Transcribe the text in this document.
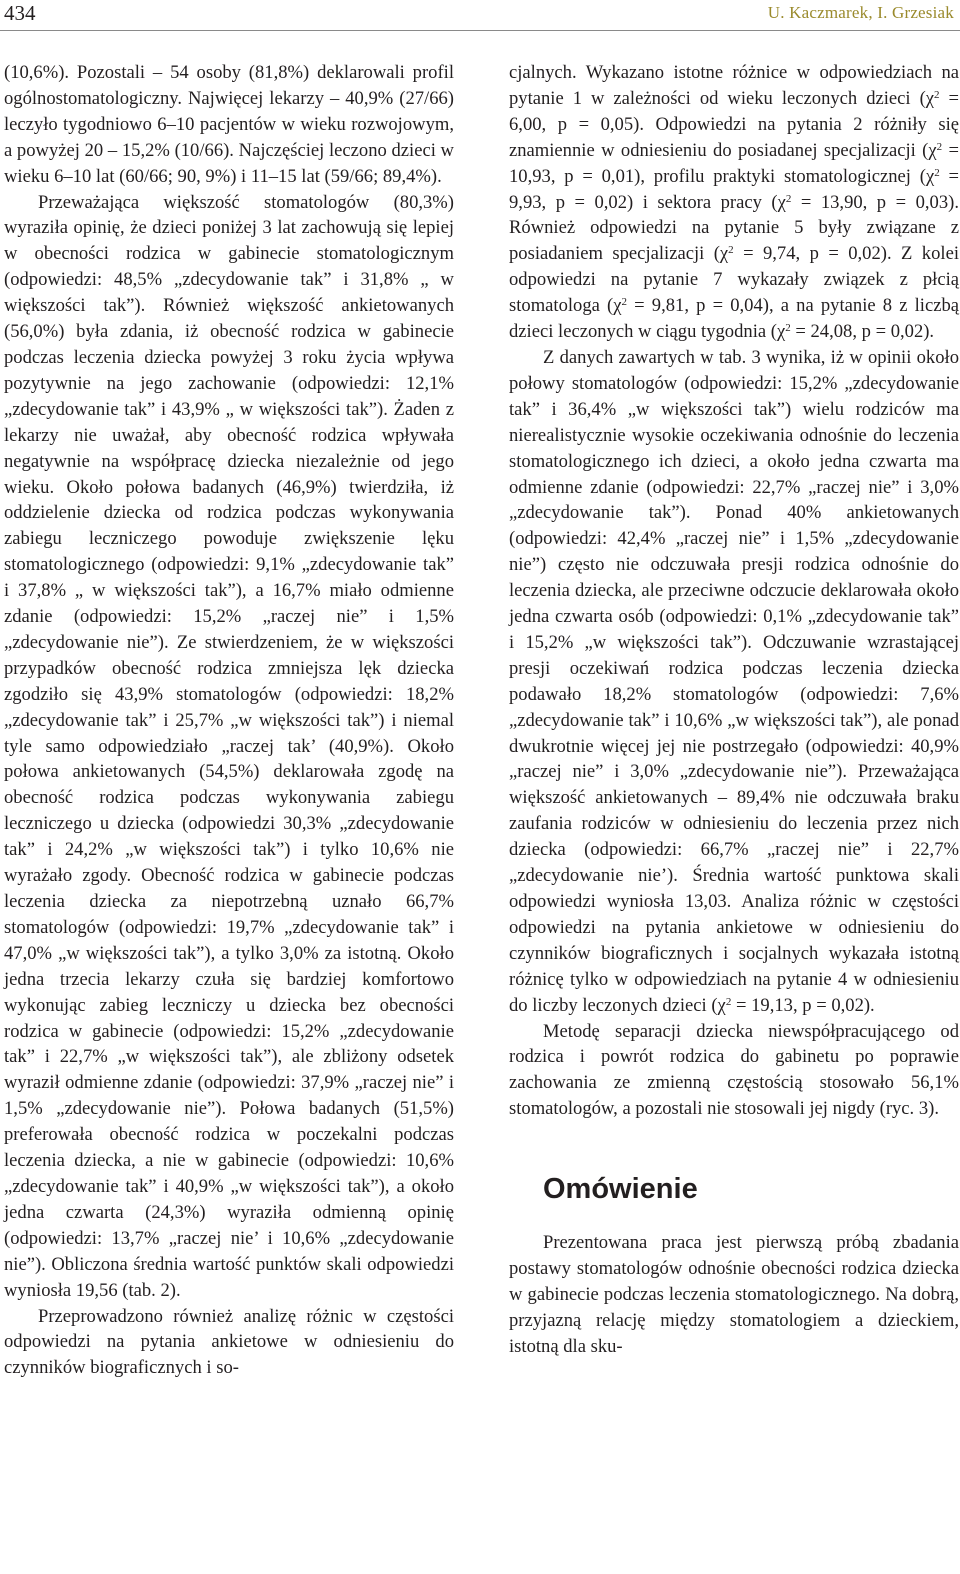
434	U. Kaczmarek, I. Grzesiak

(10,6%). Pozostali – 54 osoby (81,8%) deklarowali profil ogólnostomatologiczny. Najwięcej lekarzy – 40,9% (27/66) leczyło tygodniowo 6–10 pacjentów w wieku rozwojowym, a powyżej 20 – 15,2% (10/66). Najczęściej leczono dzieci w wieku 6–10 lat (60/66; 90, 9%) i 11–15 lat (59/66; 89,4%).

Przeważająca większość stomatologów (80,3%) wyraziła opinię, że dzieci poniżej 3 lat zachowują się lepiej w obecności rodzica w gabinecie stomatologicznym (odpowiedzi: 48,5% „zdecydowanie tak” i 31,8% „ w większości tak”). Również większość ankietowanych (56,0%) była zdania, iż obecność rodzica w gabinecie podczas leczenia dziecka powyżej 3 roku życia wpływa pozytywnie na jego zachowanie (odpowiedzi: 12,1% „zdecydowanie tak” i 43,9% „ w większości tak”). Żaden z lekarzy nie uważał, aby obecność rodzica wpływała negatywnie na współpracę dziecka niezależnie od jego wieku. Około połowa badanych (46,9%) twierdziła, iż oddzielenie dziecka od rodzica podczas wykonywania zabiegu leczniczego powoduje zwiększenie lęku stomatologicznego (odpowiedzi: 9,1% „zdecydowanie tak” i 37,8% „ w większości tak”), a 16,7% miało odmienne zdanie (odpowiedzi: 15,2% „raczej nie” i 1,5% „zdecydowanie nie”). Ze stwierdzeniem, że w większości przypadków obecność rodzica zmniejsza lęk dziecka zgodziło się 43,9% stomatologów (odpowiedzi: 18,2% „zdecydowanie tak” i 25,7% „w większości tak”) i niemal tyle samo odpowiedziało „raczej tak’ (40,9%). Około połowa ankietowanych (54,5%) deklarowała zgodę na obecność rodzica podczas wykonywania zabiegu leczniczego u dziecka (odpowiedzi 30,3% „zdecydowanie tak” i 24,2% „w większości tak”) i tylko 10,6% nie wyrażało zgody. Obecność rodzica w gabinecie podczas leczenia dziecka za niepotrzebną uznało 66,7% stomatologów (odpowiedzi: 19,7% „zdecydowanie tak” i 47,0% „w większości tak”), a tylko 3,0% za istotną. Około jedna trzecia lekarzy czuła się bardziej komfortowo wykonując zabieg leczniczy u dziecka bez obecności rodzica w gabinecie (odpowiedzi: 15,2% „zdecydowanie tak” i 22,7% „w większości tak”), ale zbliżony odsetek wyraził odmienne zdanie (odpowiedzi: 37,9% „raczej nie” i 1,5% „zdecydowanie nie”). Połowa badanych (51,5%) preferowała obecność rodzica w poczekalni podczas leczenia dziecka, a nie w gabinecie (odpowiedzi: 10,6% „zdecydowanie tak” i 40,9% „w większości tak”), a około jedna czwarta (24,3%) wyraziła odmienną opinię (odpowiedzi: 13,7% „raczej nie’ i 10,6% „zdecydowanie nie”). Obliczona średnia wartość punktów skali odpowiedzi wyniosła 19,56 (tab. 2).

Przeprowadzono również analizę różnic w częstości odpowiedzi na pytania ankietowe w odniesieniu do czynników biograficznych i so-

cjalnych. Wykazano istotne różnice w odpowiedziach na pytanie 1 w zależności od wieku leczonych dzieci ($\chi^2 = 6,00$, p = 0,05). Odpowiedzi na pytania 2 różniły się znamiennie w odniesieniu do posiadanej specjalizacji ($\chi^2 = 10,93$, p = 0,01), profilu praktyki stomatologicznej ($\chi^2 = 9,93$, p = 0,02) i sektora pracy ($\chi^2 = 13,90$, p = 0,03). Również odpowiedzi na pytanie 5 były związane z posiadaniem specjalizacji ($\chi^2 = 9,74$, p = 0,02). Z kolei odpowiedzi na pytanie 7 wykazały związek z płcią stomatologa ($\chi^2 = 9,81$, p = 0,04), a na pytanie 8 z liczbą dzieci leczonych w ciągu tygodnia ($\chi^2 = 24,08$, p = 0,02).

Z danych zawartych w tab. 3 wynika, iż w opinii około połowy stomatologów (odpowiedzi: 15,2% „zdecydowanie tak” i 36,4% „w większości tak”) wielu rodziców ma nierealistycznie wysokie oczekiwania odnośnie do leczenia stomatologicznego ich dzieci, a około jedna czwarta ma odmienne zdanie (odpowiedzi: 22,7% „raczej nie” i 3,0% „zdecydowanie tak”). Ponad 40% ankietowanych (odpowiedzi: 42,4% „raczej nie” i 1,5% „zdecydowanie nie”) często nie odczuwała presji rodzica odnośnie do leczenia dziecka, ale przeciwne odczucie deklarowała około jedna czwarta osób (odpowiedzi: 0,1% „zdecydowanie tak” i 15,2% „w większości tak”). Odczuwanie wzrastającej presji oczekiwań rodzica podczas leczenia dziecka podawało 18,2% stomatologów (odpowiedzi: 7,6% „zdecydowanie tak” i 10,6% „w większości tak”), ale ponad dwukrotnie więcej jej nie postrzegało (odpowiedzi: 40,9% „raczej nie” i 3,0% „zdecydowanie nie”). Przeważająca większość ankietowanych – 89,4% nie odczuwała braku zaufania rodziców w odniesieniu do leczenia przez nich dziecka (odpowiedzi: 66,7% „raczej nie” i 22,7% „zdecydowanie nie’). Średnia wartość punktowa skali odpowiedzi wyniosła 13,03. Analiza różnic w częstości odpowiedzi na pytania ankietowe w odniesieniu do czynników biograficznych i socjalnych wykazała istotną różnicę tylko w odpowiedziach na pytanie 4 w odniesieniu do liczby leczonych dzieci ($\chi^2 = 19,13$, p = 0,02).

Metodę separacji dziecka niewspółpracującego od rodzica i powrót rodzica do gabinetu po poprawie zachowania ze zmienną częstością stosowało 56,1% stomatologów, a pozostali nie stosowali jej nigdy (ryc. 3).

Omówienie

Prezentowana praca jest pierwszą próbą zbadania postawy stomatologów odnośnie obecności rodzica dziecka w gabinecie podczas leczenia stomatologicznego. Na dobrą, przyjazną relację między stomatologiem a dzieckiem, istotną dla sku-
